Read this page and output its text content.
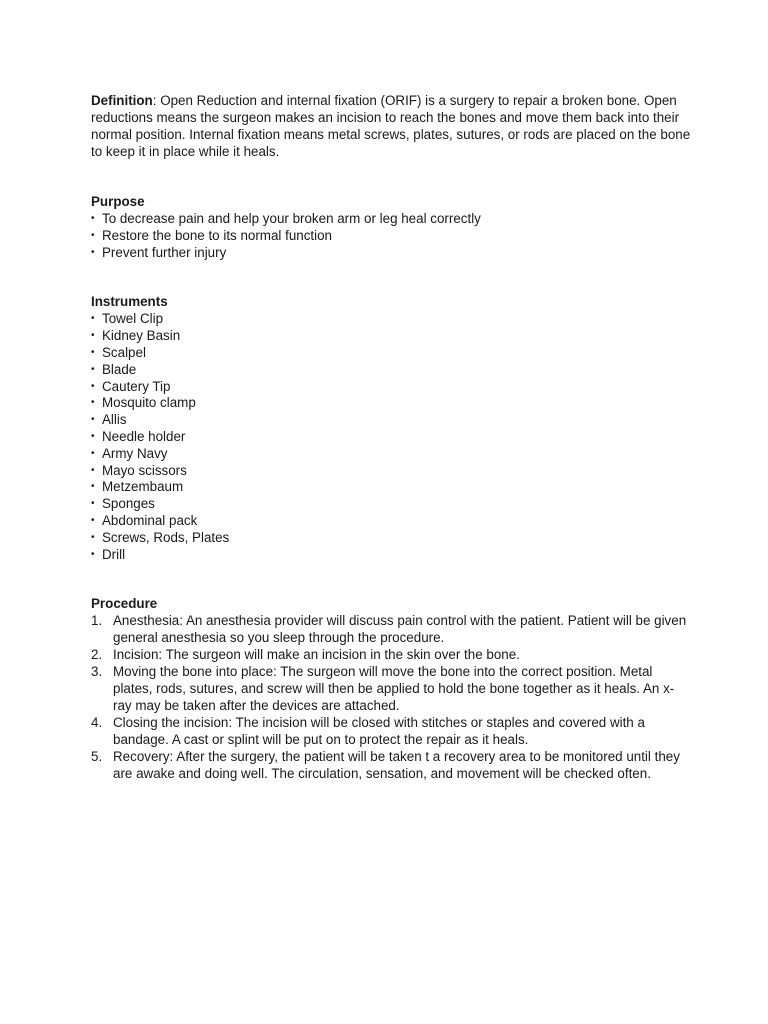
Definition: Open Reduction and internal fixation (ORIF) is a surgery to repair a broken bone. Open reductions means the surgeon makes an incision to reach the bones and move them back into their normal position. Internal fixation means metal screws, plates, sutures, or rods are placed on the bone to keep it in place while it heals.

Purpose
• To decrease pain and help your broken arm or leg heal correctly
• Restore the bone to its normal function
• Prevent further injury
Instruments
• Towel Clip
• Kidney Basin
• Scalpel
• Blade
• Cautery Tip
• Mosquito clamp
• Allis
• Needle holder
• Army Navy
• Mayo scissors
• Metzembaum
• Sponges
• Abdominal pack
• Screws, Rods, Plates
• Drill
Procedure
1. Anesthesia: An anesthesia provider will discuss pain control with the patient. Patient will be given general anesthesia so you sleep through the procedure.
2. Incision: The surgeon will make an incision in the skin over the bone.
3. Moving the bone into place: The surgeon will move the bone into the correct position. Metal plates, rods, sutures, and screw will then be applied to hold the bone together as it heals. An x-ray may be taken after the devices are attached.
4. Closing the incision: The incision will be closed with stitches or staples and covered with a bandage. A cast or splint will be put on to protect the repair as it heals.
5. Recovery: After the surgery, the patient will be taken t a recovery area to be monitored until they are awake and doing well. The circulation, sensation, and movement will be checked often.
